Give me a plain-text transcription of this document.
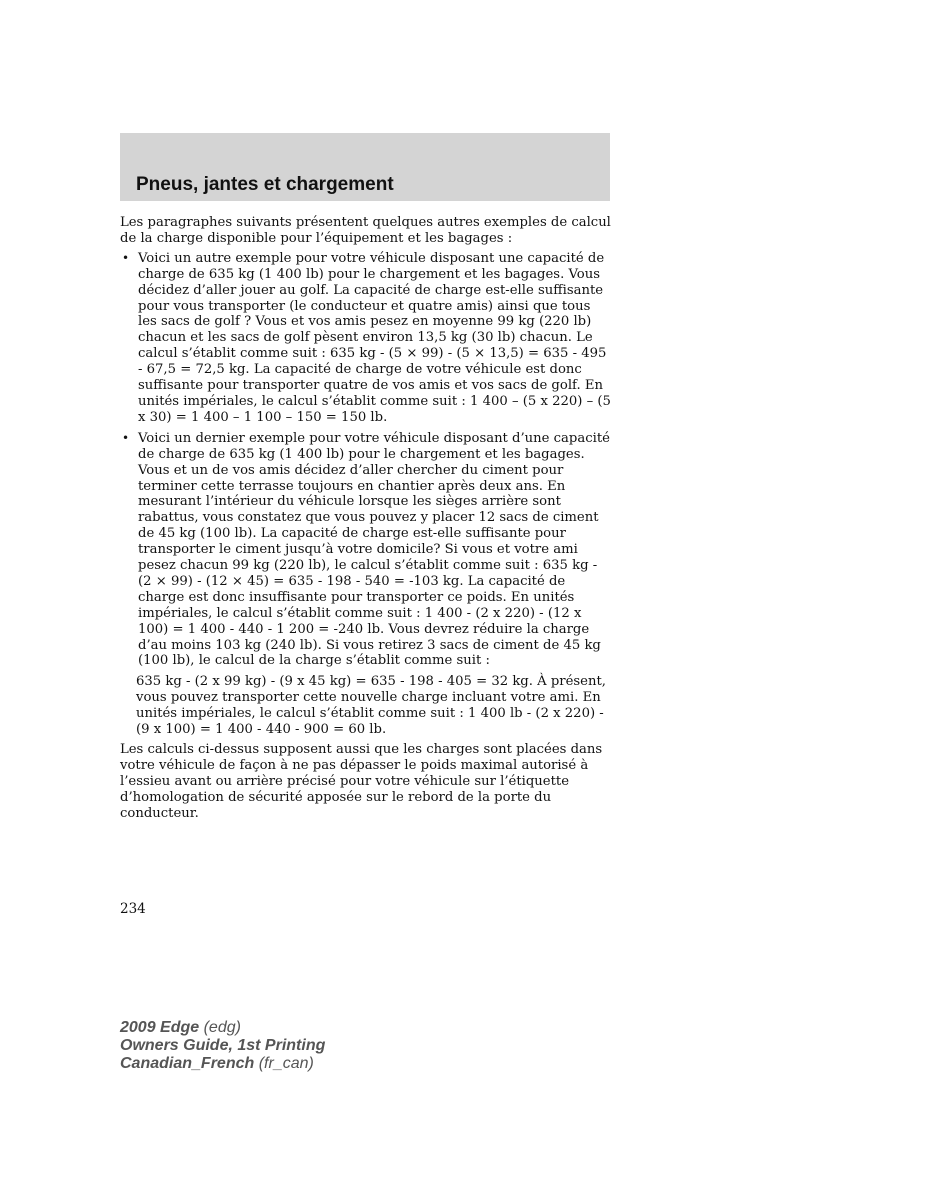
Pneus, jantes et chargement

Les paragraphes suivants présentent quelques autres exemples de calcul de la charge disponible pour l’équipement et les bagages :

• Voici un autre exemple pour votre véhicule disposant une capacité de charge de 635 kg (1 400 lb) pour le chargement et les bagages. Vous décidez d’aller jouer au golf. La capacité de charge est-elle suffisante pour vous transporter (le conducteur et quatre amis) ainsi que tous les sacs de golf ? Vous et vos amis pesez en moyenne 99 kg (220 lb) chacun et les sacs de golf pèsent environ 13,5 kg (30 lb) chacun. Le calcul s’établit comme suit : 635 kg - (5 × 99) - (5 × 13,5) = 635 - 495 - 67,5 = 72,5 kg. La capacité de charge de votre véhicule est donc suffisante pour transporter quatre de vos amis et vos sacs de golf. En unités impériales, le calcul s’établit comme suit : 1 400 – (5 x 220) – (5 x 30) = 1 400 – 1 100 – 150 = 150 lb.
• Voici un dernier exemple pour votre véhicule disposant d’une capacité de charge de 635 kg (1 400 lb) pour le chargement et les bagages. Vous et un de vos amis décidez d’aller chercher du ciment pour terminer cette terrasse toujours en chantier après deux ans. En mesurant l’intérieur du véhicule lorsque les sièges arrière sont rabattus, vous constatez que vous pouvez y placer 12 sacs de ciment de 45 kg (100 lb). La capacité de charge est-elle suffisante pour transporter le ciment jusqu’à votre domicile? Si vous et votre ami pesez chacun 99 kg (220 lb), le calcul s’établit comme suit : 635 kg - (2 × 99) - (12 × 45) = 635 - 198 - 540 = -103 kg. La capacité de charge est donc insuffisante pour transporter ce poids. En unités impériales, le calcul s’établit comme suit : 1 400 - (2 x 220) - (12 x 100) = 1 400 - 440 - 1 200 = -240 lb. Vous devrez réduire la charge d’au moins 103 kg (240 lb). Si vous retirez 3 sacs de ciment de 45 kg (100 lb), le calcul de la charge s’établit comme suit :

635 kg - (2 x 99 kg) - (9 x 45 kg) = 635 - 198 - 405 = 32 kg. À présent, vous pouvez transporter cette nouvelle charge incluant votre ami. En unités impériales, le calcul s’établit comme suit : 1 400 lb - (2 x 220) - (9 x 100) = 1 400 - 440 - 900 = 60 lb.

Les calculs ci-dessus supposent aussi que les charges sont placées dans votre véhicule de façon à ne pas dépasser le poids maximal autorisé à l’essieu avant ou arrière précisé pour votre véhicule sur l’étiquette d’homologation de sécurité apposée sur le rebord de la porte du conducteur.

234
2009 Edge (edg)
Owners Guide, 1st Printing
Canadian_French (fr_can)
